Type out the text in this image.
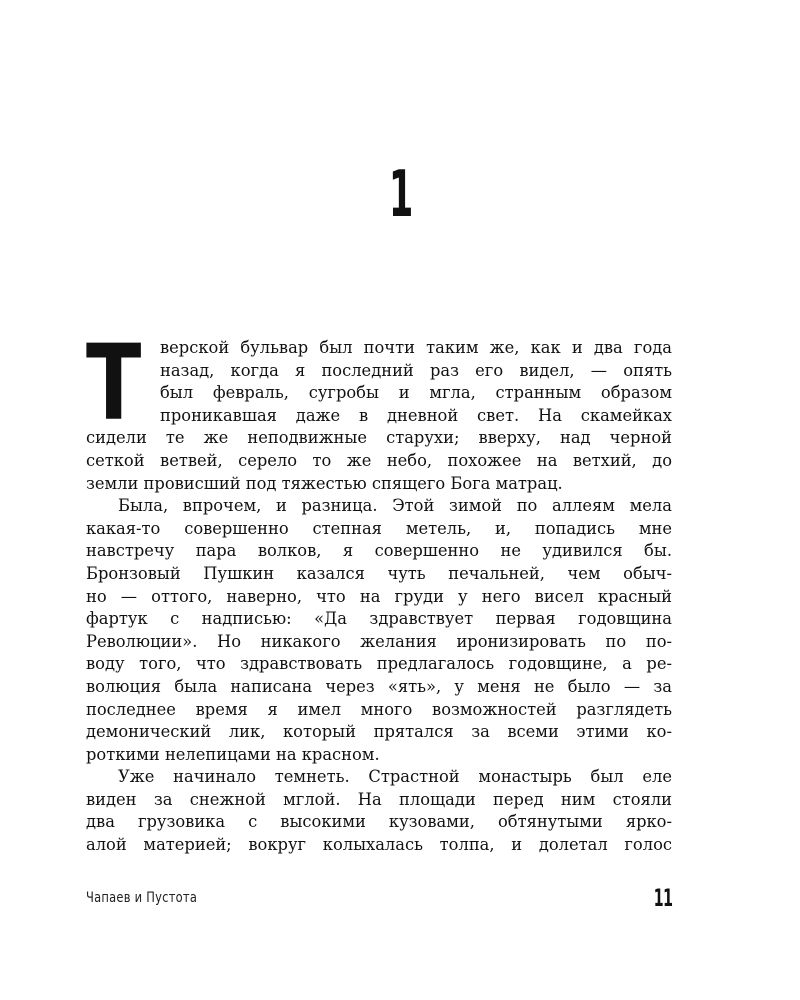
1
Т	верской бульвар был почти таким же, как и два года
назад, когда я последний раз его видел, — опять
был февраль, сугробы и мгла, странным образом
проникавшая даже в дневной свет. На скамейках
сидели те же неподвижные старухи; вверху, над черной
сеткой ветвей, серело то же небо, похожее на ветхий, до
земли провисший под тяжестью спящего Бога матрац.
Была, впрочем, и разница. Этой зимой по аллеям мела
какая-то совершенно степная метель, и, попадись мне
навстречу пара волков, я совершенно не удивился бы.
Бронзовый Пушкин казался чуть печальней, чем обыч-
но — оттого, наверно, что на груди у него висел красный
фартук с надписью: «Да здравствует первая годовщина
Революции». Но никакого желания иронизировать по по-
воду того, что здравствовать предлагалось годовщине, а ре-
волюция была написана через «ять», у меня не было — за
последнее время я имел много возможностей разглядеть
демонический лик, который прятался за всеми этими ко-
роткими нелепицами на красном.
Уже начинало темнеть. Страстной монастырь был еле
виден за снежной мглой. На площади перед ним стояли
два грузовика с высокими кузовами, обтянутыми ярко-
алой материей; вокруг колыхалась толпа, и долетал голос
Чапаев и Пустота	11
